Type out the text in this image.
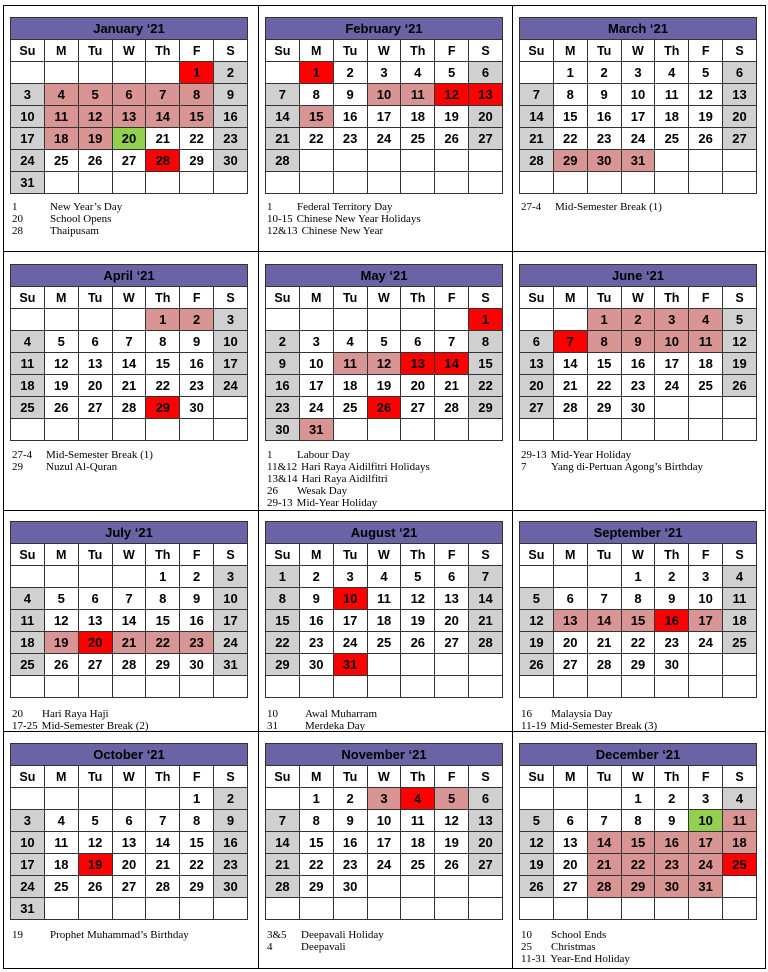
January ‘21						
Su	M	Tu	W	Th	F	S
					1	2
3	4	5	6	7	8	9
10	11	12	13	14	15	16
17	18	19	20	21	22	23
24	25	26	27	28	29	30
31						
1	New Year’s Day
20	School Opens
28	Thaipusam
February ‘21						
Su	M	Tu	W	Th	F	S
	1	2	3	4	5	6
7	8	9	10	11	12	13
14	15	16	17	18	19	20
21	22	23	24	25	26	27
28						

1	Federal Territory Day
10-15 Chinese New Year Holidays
12&13 Chinese New Year
March ‘21						
Su	M	Tu	W	Th	F	S
	1	2	3	4	5	6
7	8	9	10	11	12	13
14	15	16	17	18	19	20
21	22	23	24	25	26	27
28	29	30	31			

27-4	Mid-Semester Break (1)
April ‘21						
Su	M	Tu	W	Th	F	S
				1	2	3
4	5	6	7	8	9	10
11	12	13	14	15	16	17
18	19	20	21	22	23	24
25	26	27	28	29	30	

27-4	Mid-Semester Break (1)
29	Nuzul Al-Quran
May ‘21						
Su	M	Tu	W	Th	F	S
						1
2	3	4	5	6	7	8
9	10	11	12	13	14	15
16	17	18	19	20	21	22
23	24	25	26	27	28	29
30	31					
1	Labour Day
11&12 Hari Raya Aidilfitri Holidays
13&14 Hari Raya Aidilfitri
26	Wesak Day
29-13 Mid-Year Holiday
June ‘21						
Su	M	Tu	W	Th	F	S
		1	2	3	4	5
6	7	8	9	10	11	12
13	14	15	16	17	18	19
20	21	22	23	24	25	26
27	28	29	30			

29-13 Mid-Year Holiday
7	Yang di-Pertuan Agong’s Birthday
July ‘21						
Su	M	Tu	W	Th	F	S
				1	2	3
4	5	6	7	8	9	10
11	12	13	14	15	16	17
18	19	20	21	22	23	24
25	26	27	28	29	30	31

20	Hari Raya Haji
17-25 Mid-Semester Break (2)
August ‘21						
Su	M	Tu	W	Th	F	S
1	2	3	4	5	6	7
8	9	10	11	12	13	14
15	16	17	18	19	20	21
22	23	24	25	26	27	28
29	30	31				

10	Awal Muharram
31	Merdeka Day
September ‘21						
Su	M	Tu	W	Th	F	S
			1	2	3	4
5	6	7	8	9	10	11
12	13	14	15	16	17	18
19	20	21	22	23	24	25
26	27	28	29	30		

16	Malaysia Day
11-19 Mid-Semester Break (3)
October ‘21						
Su	M	Tu	W	Th	F	S
					1	2
3	4	5	6	7	8	9
10	11	12	13	14	15	16
17	18	19	20	21	22	23
24	25	26	27	28	29	30
31						
19	Prophet Muhammad’s Birthday
November ‘21						
Su	M	Tu	W	Th	F	S
	1	2	3	4	5	6
7	8	9	10	11	12	13
14	15	16	17	18	19	20
21	22	23	24	25	26	27
28	29	30				

3&5	Deepavali Holiday
4	Deepavali
December ‘21						
Su	M	Tu	W	Th	F	S
			1	2	3	4
5	6	7	8	9	10	11
12	13	14	15	16	17	18
19	20	21	22	23	24	25
26	27	28	29	30	31	

10	School Ends
25	Christmas
11-31 Year-End Holiday
